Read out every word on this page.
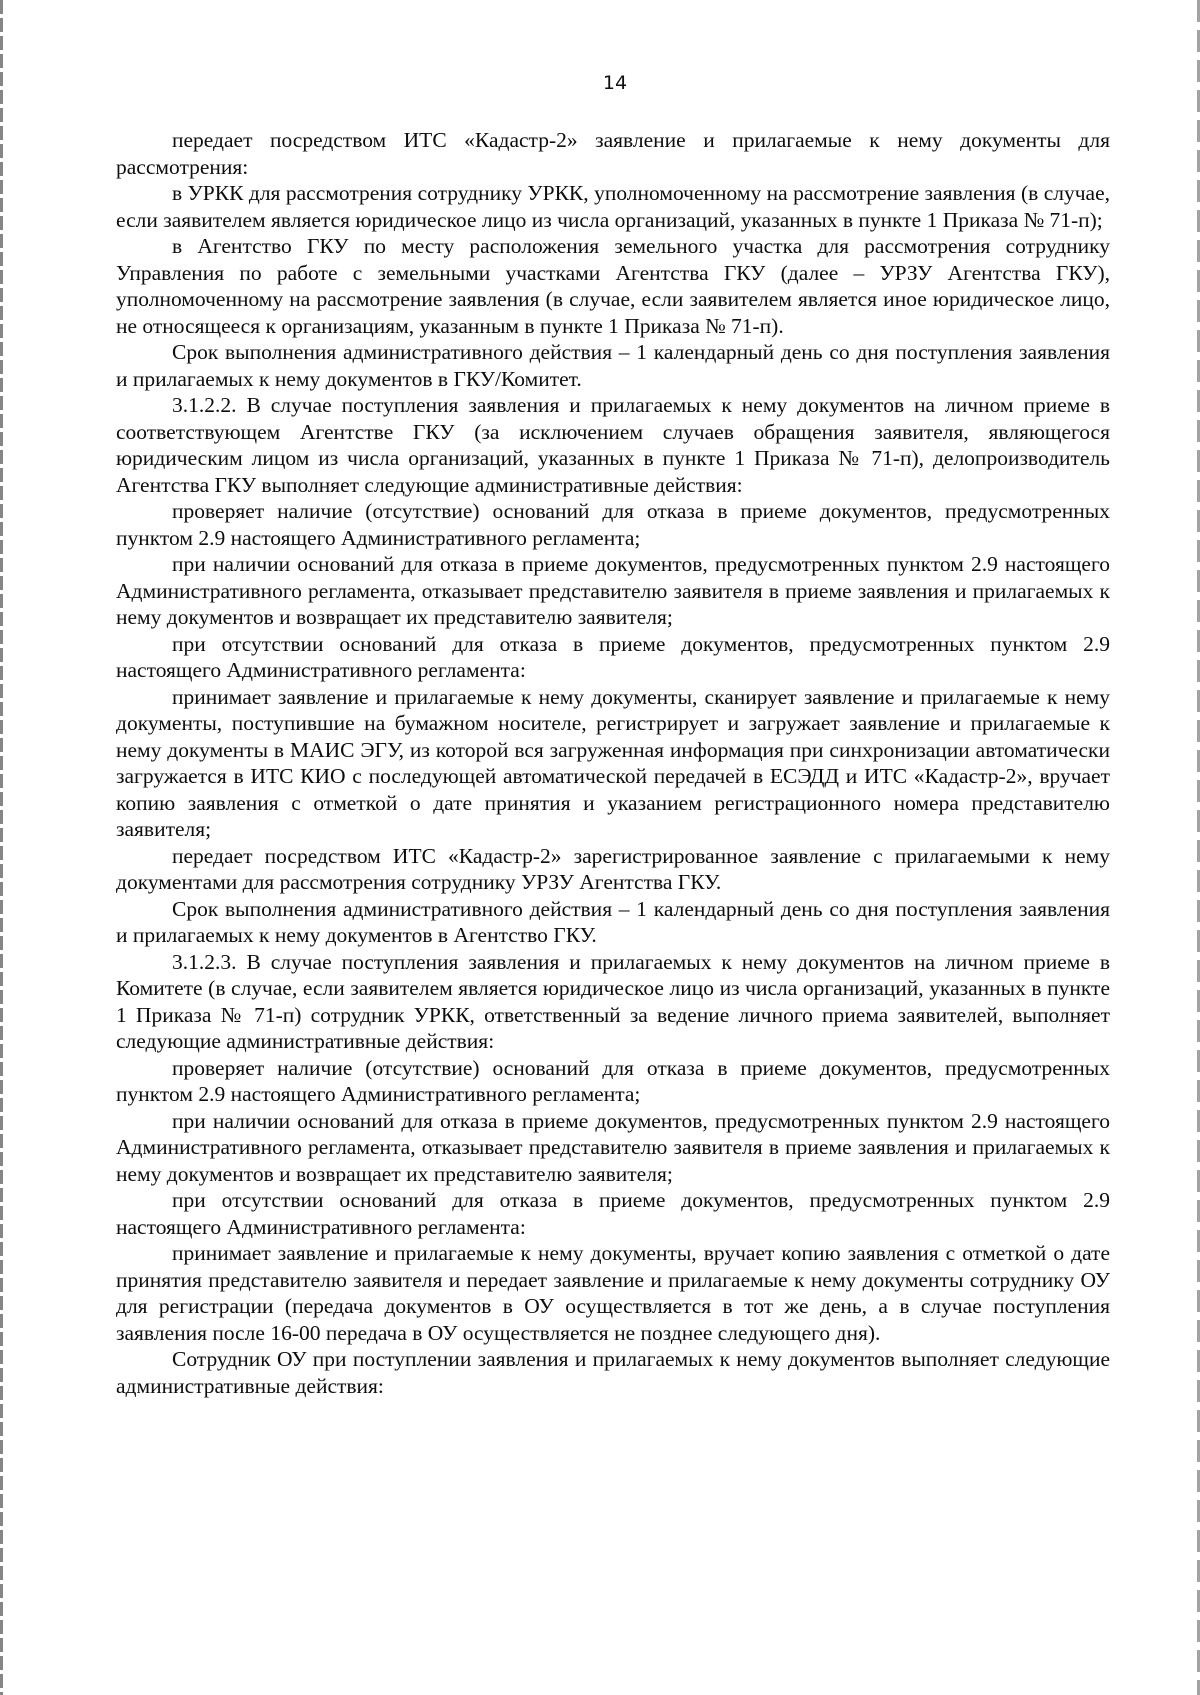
14

передает посредством ИТС «Кадастр-2» заявление и прилагаемые к нему документы для рассмотрения:

в УРКК для рассмотрения сотруднику УРКК, уполномоченному на рассмотрение заявления (в случае, если заявителем является юридическое лицо из числа организаций, указанных в пункте 1 Приказа № 71-п);

в Агентство ГКУ по месту расположения земельного участка для рассмотрения сотруднику Управления по работе с земельными участками Агентства ГКУ (далее – УРЗУ Агентства ГКУ), уполномоченному на рассмотрение заявления (в случае, если заявителем является иное юридическое лицо, не относящееся к организациям, указанным в пункте 1 Приказа № 71-п).

Срок выполнения административного действия – 1 календарный день со дня поступления заявления и прилагаемых к нему документов в ГКУ/Комитет.

3.1.2.2. В случае поступления заявления и прилагаемых к нему документов на личном приеме в соответствующем Агентстве ГКУ (за исключением случаев обращения заявителя, являющегося юридическим лицом из числа организаций, указанных в пункте 1 Приказа № 71-п), делопроизводитель Агентства ГКУ выполняет следующие административные действия:

проверяет наличие (отсутствие) оснований для отказа в приеме документов, предусмотренных пунктом 2.9 настоящего Административного регламента;

при наличии оснований для отказа в приеме документов, предусмотренных пунктом 2.9 настоящего Административного регламента, отказывает представителю заявителя в приеме заявления и прилагаемых к нему документов и возвращает их представителю заявителя;

при отсутствии оснований для отказа в приеме документов, предусмотренных пунктом 2.9 настоящего Административного регламента:

принимает заявление и прилагаемые к нему документы, сканирует заявление и прилагаемые к нему документы, поступившие на бумажном носителе, регистрирует и загружает заявление и прилагаемые к нему документы в МАИС ЭГУ, из которой вся загруженная информация при синхронизации автоматически загружается в ИТС КИО с последующей автоматической передачей в ЕСЭДД и ИТС «Кадастр-2», вручает копию заявления с отметкой о дате принятия и указанием регистрационного номера представителю заявителя;

передает посредством ИТС «Кадастр-2» зарегистрированное заявление с прилагаемыми к нему документами для рассмотрения сотруднику УРЗУ Агентства ГКУ.

Срок выполнения административного действия – 1 календарный день со дня поступления заявления и прилагаемых к нему документов в Агентство ГКУ.

3.1.2.3. В случае поступления заявления и прилагаемых к нему документов на личном приеме в Комитете (в случае, если заявителем является юридическое лицо из числа организаций, указанных в пункте 1 Приказа № 71-п) сотрудник УРКК, ответственный за ведение личного приема заявителей, выполняет следующие административные действия:

проверяет наличие (отсутствие) оснований для отказа в приеме документов, предусмотренных пунктом 2.9 настоящего Административного регламента;

при наличии оснований для отказа в приеме документов, предусмотренных пунктом 2.9 настоящего Административного регламента, отказывает представителю заявителя в приеме заявления и прилагаемых к нему документов и возвращает их представителю заявителя;

при отсутствии оснований для отказа в приеме документов, предусмотренных пунктом 2.9 настоящего Административного регламента:

принимает заявление и прилагаемые к нему документы, вручает копию заявления с отметкой о дате принятия представителю заявителя и передает заявление и прилагаемые к нему документы сотруднику ОУ для регистрации (передача документов в ОУ осуществляется в тот же день, а в случае поступления заявления после 16-00 передача в ОУ осуществляется не позднее следующего дня).

Сотрудник ОУ при поступлении заявления и прилагаемых к нему документов выполняет следующие административные действия:
